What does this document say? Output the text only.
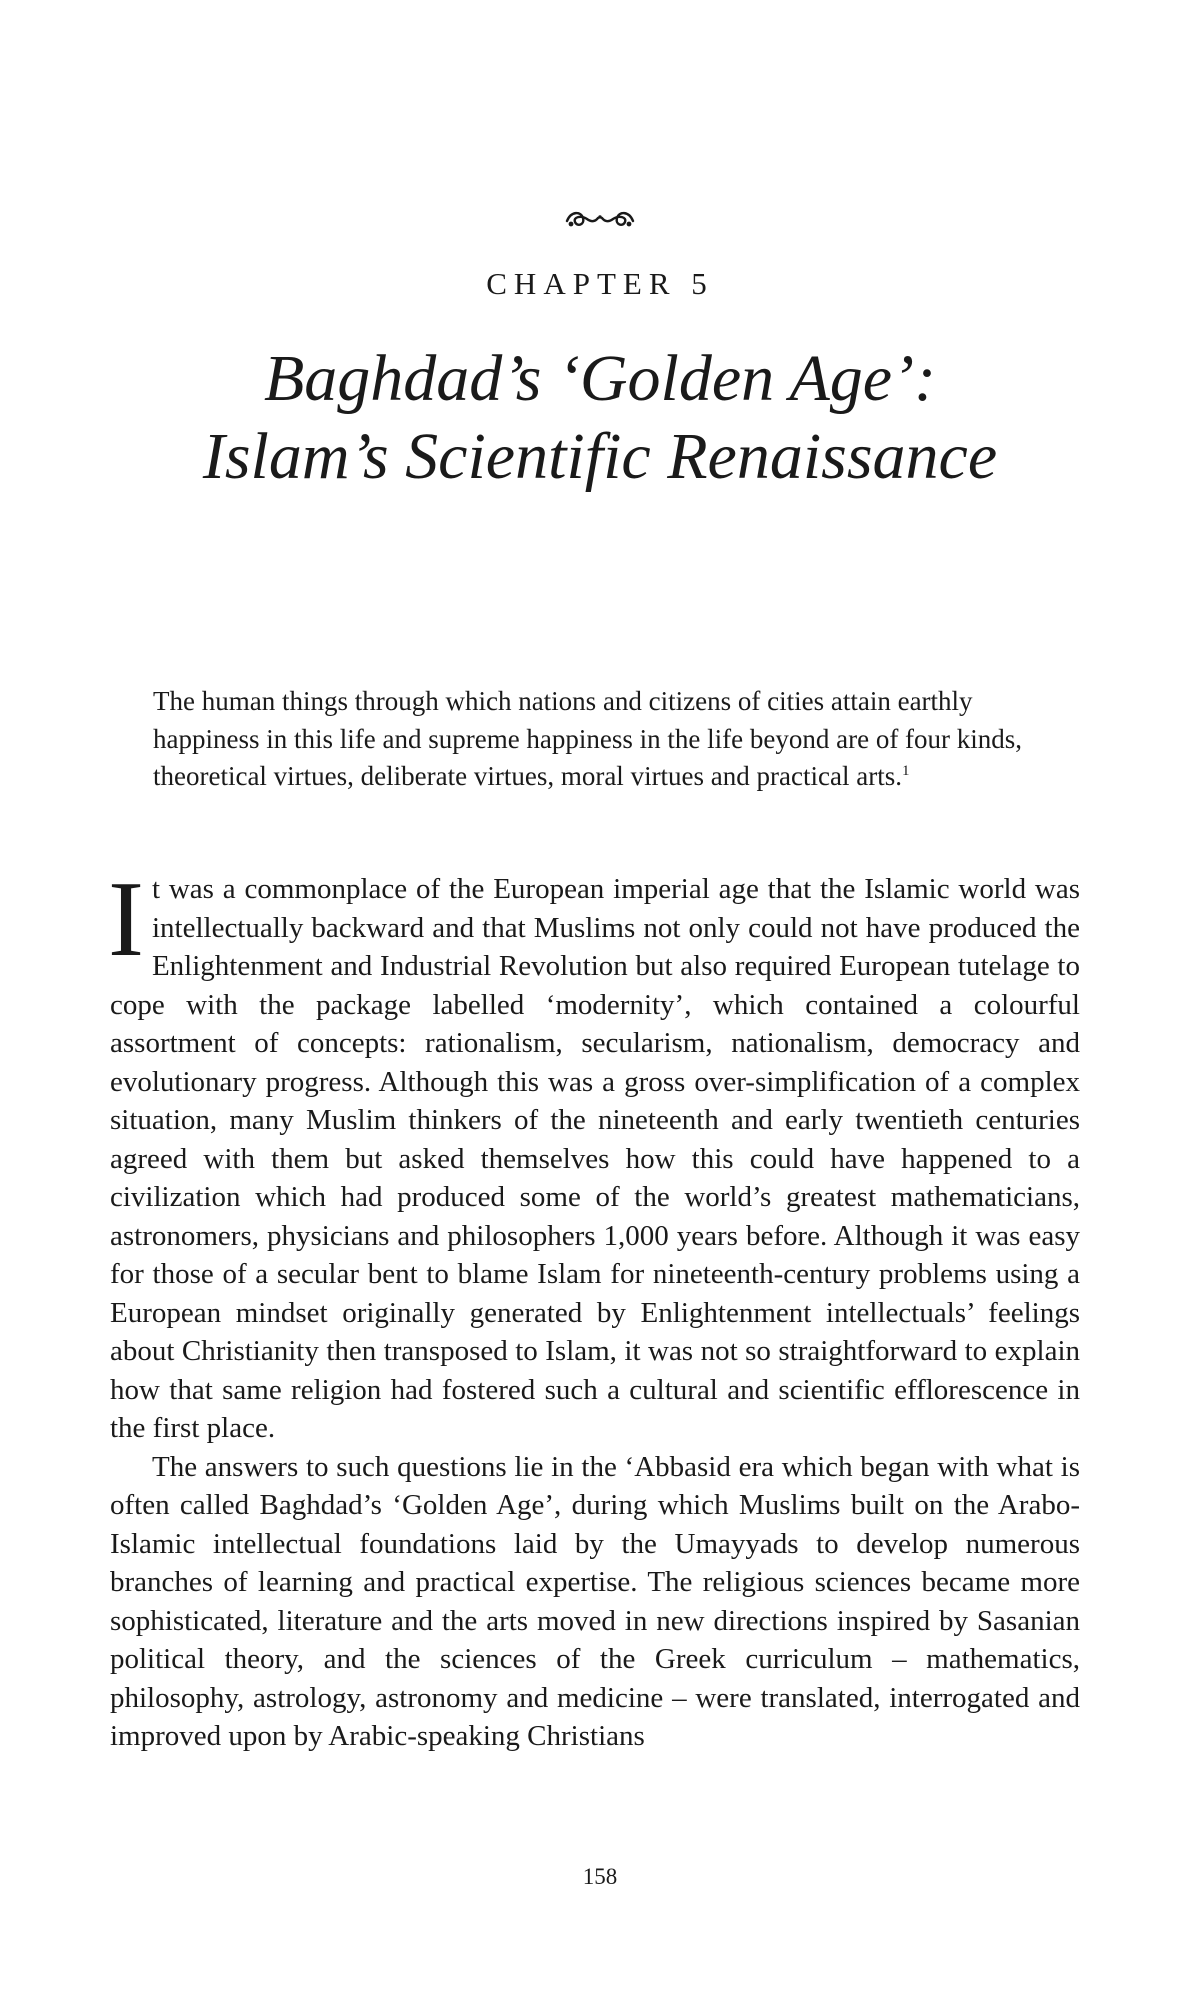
CHAPTER 5
Baghdad’s ‘Golden Age’:
Islam’s Scientific Renaissance

The human things through which nations and citizens of cities attain earthly happiness in this life and supreme happiness in the life beyond are of four kinds, theoretical virtues, deliberate virtues, moral virtues and practical arts.$^1$

It was a commonplace of the European imperial age that the Islamic world was intellectually backward and that Muslims not only could not have produced the Enlightenment and Industrial Revolution but also required European tutelage to cope with the package labelled ‘modernity’, which contained a colourful assortment of concepts: rationalism, secularism, nationalism, democracy and evolutionary progress. Although this was a gross over-simplification of a complex situation, many Muslim thinkers of the nineteenth and early twentieth centuries agreed with them but asked themselves how this could have happened to a civilization which had produced some of the world’s greatest mathematicians, astronomers, physicians and philosophers 1,000 years before. Although it was easy for those of a secular bent to blame Islam for nineteenth-century problems using a European mindset originally generated by Enlightenment intellectuals’ feelings about Christianity then transposed to Islam, it was not so straightforward to explain how that same religion had fostered such a cultural and scientific efflorescence in the first place.

The answers to such questions lie in the ‘Abbasid era which began with what is often called Baghdad’s ‘Golden Age’, during which Muslims built on the Arabo-Islamic intellectual foundations laid by the Umayyads to develop numerous branches of learning and practical expertise. The religious sciences became more sophisticated, literature and the arts moved in new directions inspired by Sasanian political theory, and the sciences of the Greek curriculum – mathematics, philosophy, astrology, astronomy and medicine – were translated, interrogated and improved upon by Arabic-speaking Christians

158
